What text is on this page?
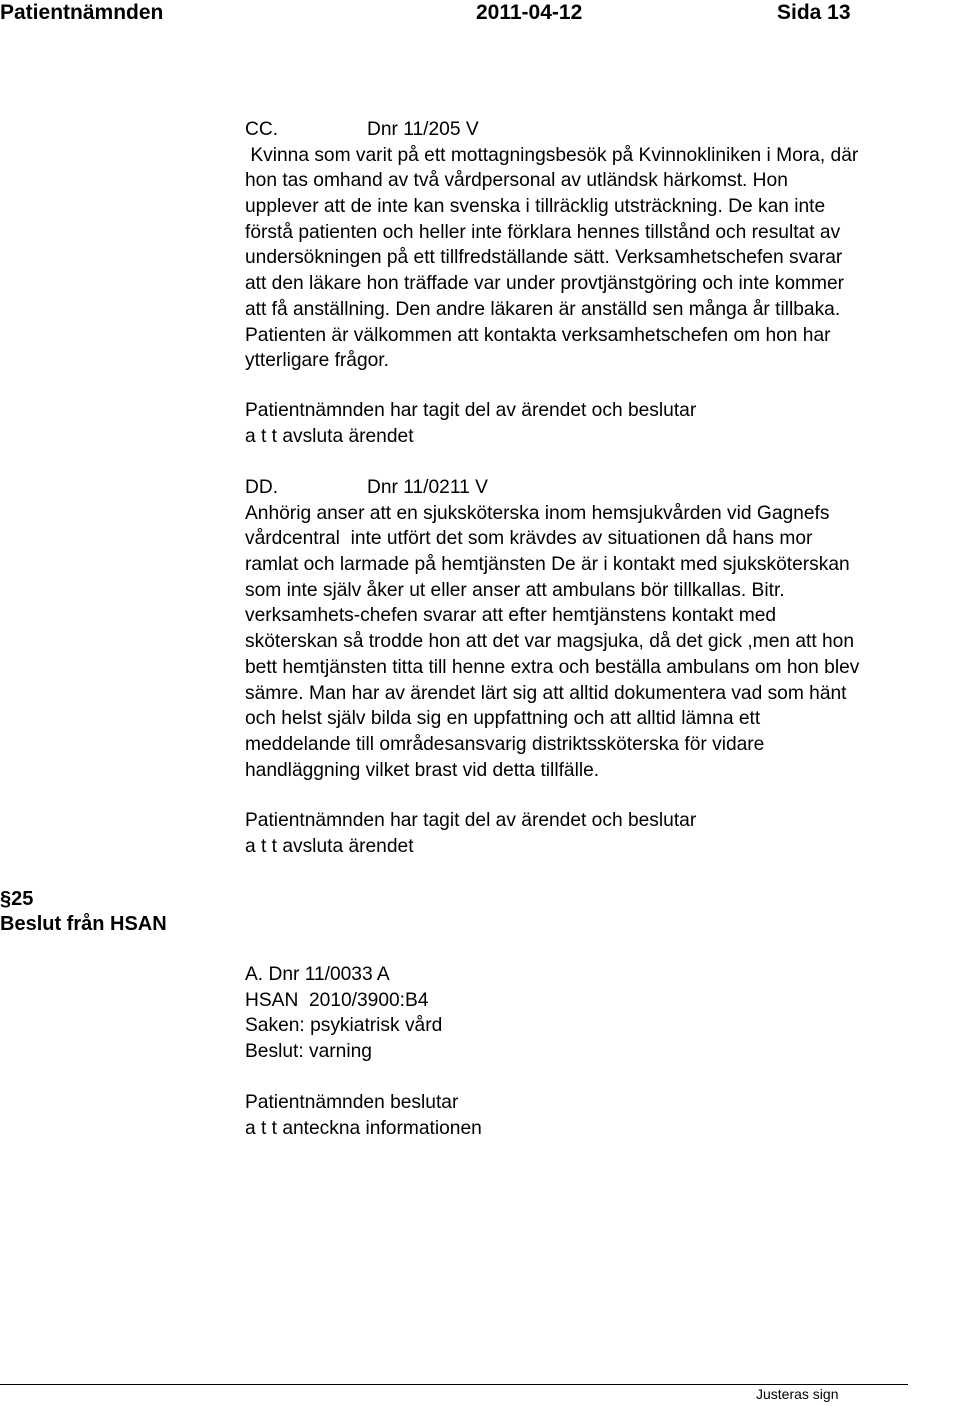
Patientnämnden	2011-04-12	Sida 13
CC.	Dnr 11/205 V
Kvinna som varit på ett mottagningsbesök på Kvinnokliniken i Mora, där
hon tas omhand av två vårdpersonal av utländsk härkomst. Hon
upplever att de inte kan svenska i tillräcklig utsträckning. De kan inte
förstå patienten och heller inte förklara hennes tillstånd och resultat av
undersökningen på ett tillfredställande sätt. Verksamhetschefen svarar
att den läkare hon träffade var under provtjänstgöring och inte kommer
att få anställning. Den andre läkaren är anställd sen många år tillbaka.
Patienten är välkommen att kontakta verksamhetschefen om hon har
ytterligare frågor.
Patientnämnden har tagit del av ärendet och beslutar
a t t avsluta ärendet
DD.	Dnr 11/0211 V
Anhörig anser att en sjuksköterska inom hemsjukvården vid Gagnefs
vårdcentral  inte utfört det som krävdes av situationen då hans mor
ramlat och larmade på hemtjänsten De är i kontakt med sjuksköterskan
som inte själv åker ut eller anser att ambulans bör tillkallas. Bitr.
verksamhets-chefen svarar att efter hemtjänstens kontakt med
sköterskan så trodde hon att det var magsjuka, då det gick ,men att hon
bett hemtjänsten titta till henne extra och beställa ambulans om hon blev
sämre. Man har av ärendet lärt sig att alltid dokumentera vad som hänt
och helst själv bilda sig en uppfattning och att alltid lämna ett
meddelande till områdesansvarig distriktssköterska för vidare
handläggning vilket brast vid detta tillfälle.
Patientnämnden har tagit del av ärendet och beslutar
a t t avsluta ärendet
§25
Beslut från HSAN
A. Dnr 11/0033 A
HSAN  2010/3900:B4
Saken: psykiatrisk vård
Beslut: varning
Patientnämnden beslutar
a t t anteckna informationen
Justeras sign
